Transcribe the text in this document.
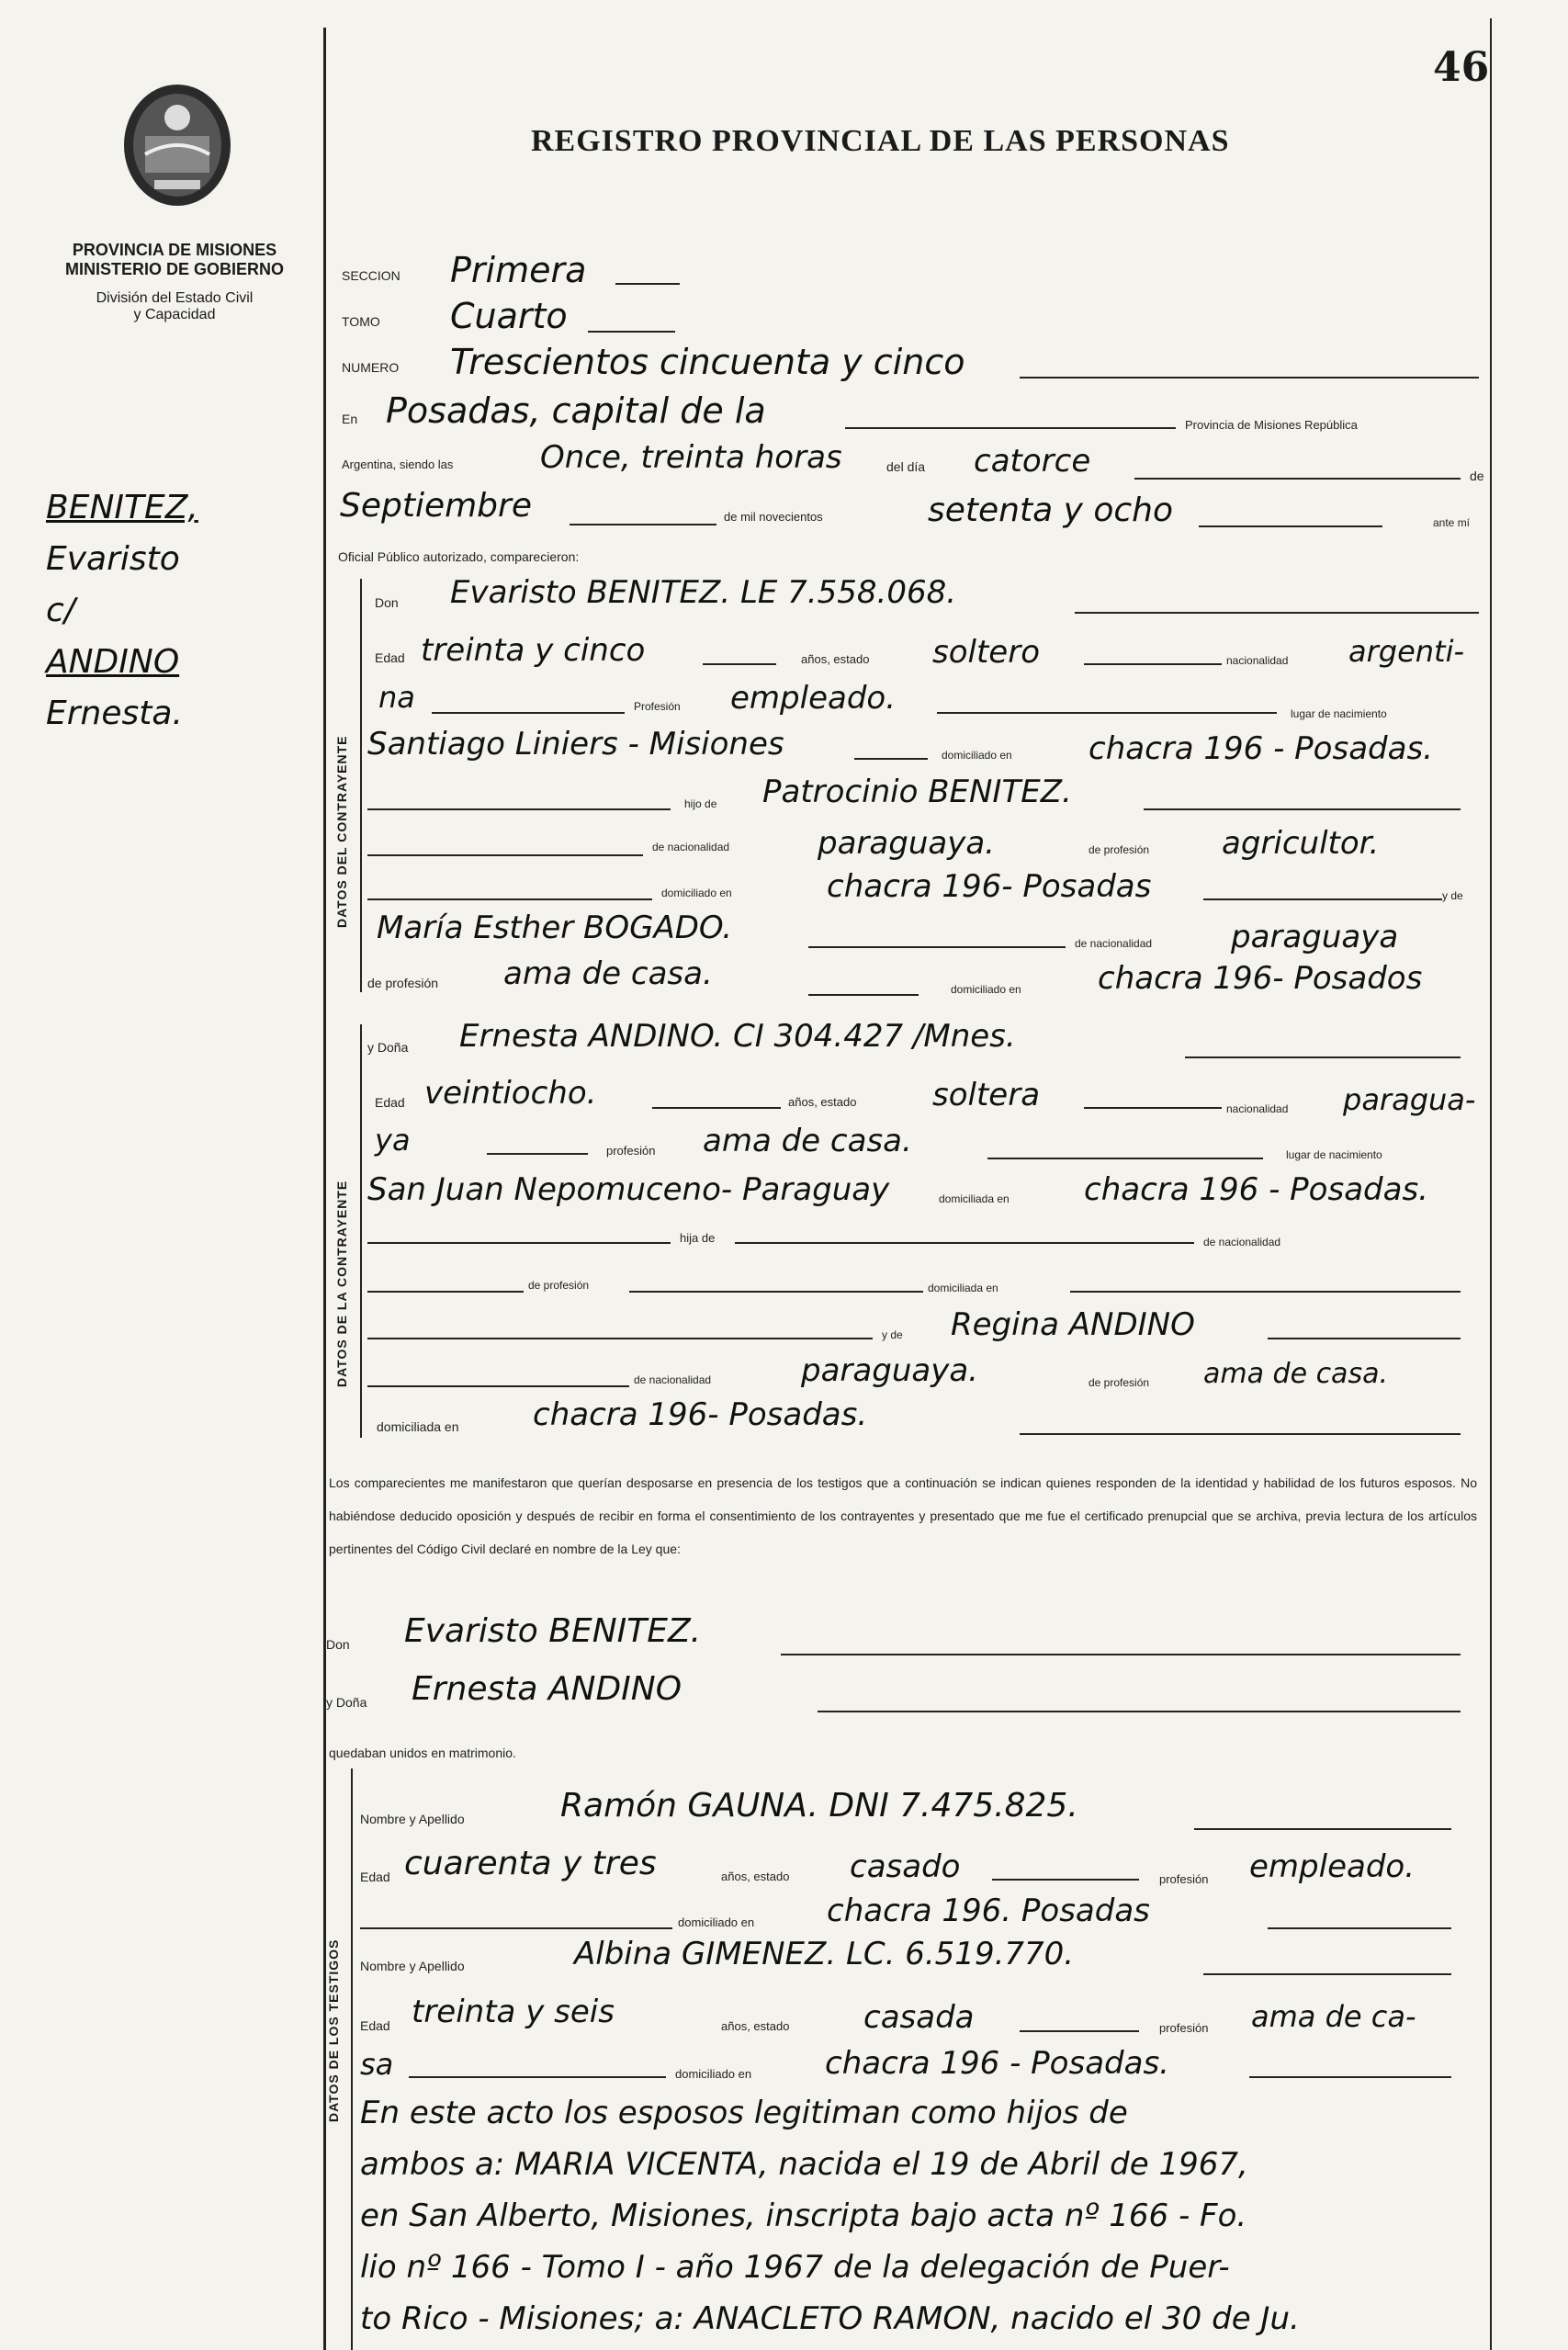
46
REGISTRO PROVINCIAL DE LAS PERSONAS
PROVINCIA DE MISIONES
MINISTERIO DE GOBIERNO
División del Estado Civil
y Capacidad
BENITEZ,
Evaristo
c/
ANDINO
Ernesta.
SECCION Primera
TOMO Cuarto
NUMERO Trescientos cincuenta y cinco
En Posadas, capital de la	Provincia de Misiones República
Argentina, siendo las	Once, treinta horas	del día catorce	de
Septiembre	de mil novecientos	setenta y ocho	ante mí
Oficial Público autorizado, comparecieron:
DATOS DEL CONTRAYENTE
Don Evaristo BENITEZ. LE 7.558.068.
Edad treinta y cinco	años, estado soltero	nacionalidad argenti-
na	Profesión empleado.	lugar de nacimiento
Santiago Liniers - Misiones	domiciliado en chacra 196 - Posadas.
hijo de Patrocinio BENITEZ.
de nacionalidad	paraguaya.	de profesión agricultor.
domiciliado en	chacra 196- Posadas	y de
María Esther BOGADO.	de nacionalidad	paraguaya
de profesión ama de casa.	domiciliado en chacra 196- Posados
DATOS DE LA CONTRAYENTE
y Doña Ernesta ANDINO. CI 304.427 /Mnes.
Edad veintiocho.	años, estado soltera	nacionalidad paragua-
ya	profesión ama de casa.	lugar de nacimiento
San Juan Nepomuceno- Paraguay	domiciliada en chacra 196 - Posadas.
hija de	de nacionalidad
de profesión	domiciliada en
y de Regina ANDINO
de nacionalidad	paraguaya.	de profesión ama de casa.
domiciliada en chacra 196- Posadas.
Los comparecientes me manifestaron que querían desposarse en presencia de los testigos que a continuación se indican quienes responden de la identidad y habilidad de los futuros esposos. No habiéndose deducido oposición y después de recibir en forma el consentimiento de los contrayentes y presentado que me fue el certificado prenupcial que se archiva, previa lectura de los artículos pertinentes del Código Civil declaré en nombre de la Ley que:
Don Evaristo BENITEZ.
y Doña Ernesta ANDINO
quedaban unidos en matrimonio.
DATOS DE LOS TESTIGOS
Nombre y Apellido	Ramón GAUNA. DNI 7.475.825.
Edad cuarenta y tres	años, estado casado	profesión empleado.
domiciliado en chacra 196. Posadas
Nombre y Apellido	Albina GIMENEZ. LC. 6.519.770.
Edad treinta y seis	años, estado casada	profesión ama de ca-
sa	domiciliado en chacra 196 - Posadas.
En este acto los esposos legitiman como hijos de
ambos a: MARIA VICENTA, nacida el 19 de Abril de 1967,
en San Alberto, Misiones, inscripta bajo acta nº 166 - Fo.
lio nº 166 - Tomo I - año 1967 de la delegación de Puer-
to Rico - Misiones; a: ANACLETO RAMON, nacido el 30 de Ju.
